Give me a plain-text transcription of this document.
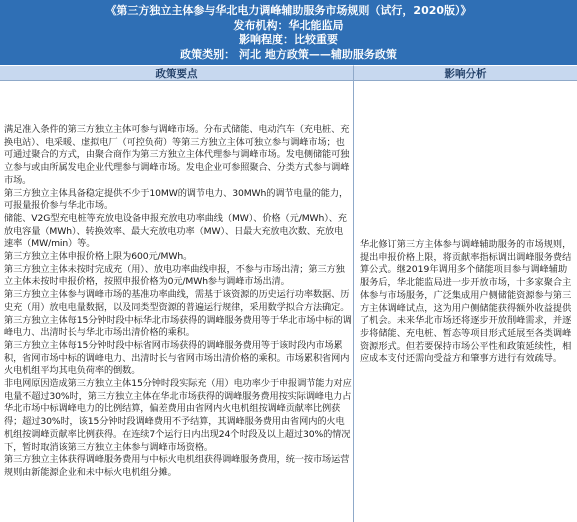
《第三方独立主体参与华北电力调峰辅助服务市场规则（试行，2020版）》
发布机构：华北能监局
影响程度：比较重要
政策类别： 河北 地方政策——辅助服务政策
政策要点	影响分析
满足准入条件的第三方独立主体可参与调峰市场。分布式储能、电动汽车（充电桩、充换电站）、电采暖、虚拟电厂（可控负荷）等第三方独立主体可独立参与调峰市场；也可通过聚合的方式，由聚合商作为第三方独立主体代理参与调峰市场。发电侧储能可独立参与或由所属发电企业代理参与调峰市场。发电企业可参照聚合、分类方式参与调峰市场。
第三方独立主体具备稳定提供不少于10MW的调节电力、30MWh的调节电量的能力，可报量报价参与华北市场。
储能、V2G型充电桩等充放电设备申报充放电功率曲线（MW）、价格（元/MWh）、充放电容量（MWh）、转换效率、最大充放电功率（MW）、日最大充放电次数、充放电速率（MW/min）等。
第三方独立主体申报价格上限为600元/MWh。
第三方独立主体未按时完成充（用）、放电功率曲线申报，不参与市场出清；第三方独立主体未按时申报价格，按照申报价格为0元/MWh参与调峰市场出清。
第三方独立主体参与调峰市场的基准功率曲线，需基于该资源的历史运行功率数据、历史充（用）放电电量数据，以及同类型资源的普遍运行规律，采用数学拟合方法确定。
第三方独立主体每15分钟时段中标华北市场获得的调峰服务费用等于华北市场中标的调峰电力、出清时长与华北市场出清价格的乘积。
第三方独立主体每15分钟时段中标省网市场获得的调峰服务费用等于该时段内市场累积，省网市场中标的调峰电力、出清时长与省网市场出清价格的乘积。市场累积省网内火电机组平均其电负荷率的倒数。
非电网原因造成第三方独立主体15分钟时段实际充（用）电功率少于申报调节能力对应电量不超过30%时，第三方独立主体在华北市场获得的调峰服务费用按实际调峰电力占华北市场中标调峰电力的比例结算，偏差费用由省网内火电机组按调峰贡献率比例获得；超过30%时，该15分钟时段调峰费用不予结算，其调峰服务费用由省网内的火电机组按调峰贡献率比例获得。在连续7个运行日内出现24个时段及以上超过30%的情况下，暂时取消该第三方独立主体参与调峰市场资格。
第三方独立主体获得调峰服务费用与中标火电机组获得调峰服务费用，统一按市场运营规则由新能源企业和未中标火电机组分摊。
华北修订第三方主体参与调峰辅助服务的市场规则，提出申报价格上限，将贡献率指标调出调峰服务费结算公式。继2019年调用多个储能项目参与调峰辅助服务后，华北能监局进一步开放市场，十多家聚合主体参与市场服务，广泛集成用户侧储能资源参与第三方主体调峰试点，这为用户侧储能获得额外收益提供了机会。未来华北市场还将逐步开放削峰需求，并逐步将储能、充电桩、暂态等项目形式延展至各类调峰资源形式。但若要保持市场公平性和政策延续性，相应成本支付还需向受益方和肇事方进行有效疏导。
